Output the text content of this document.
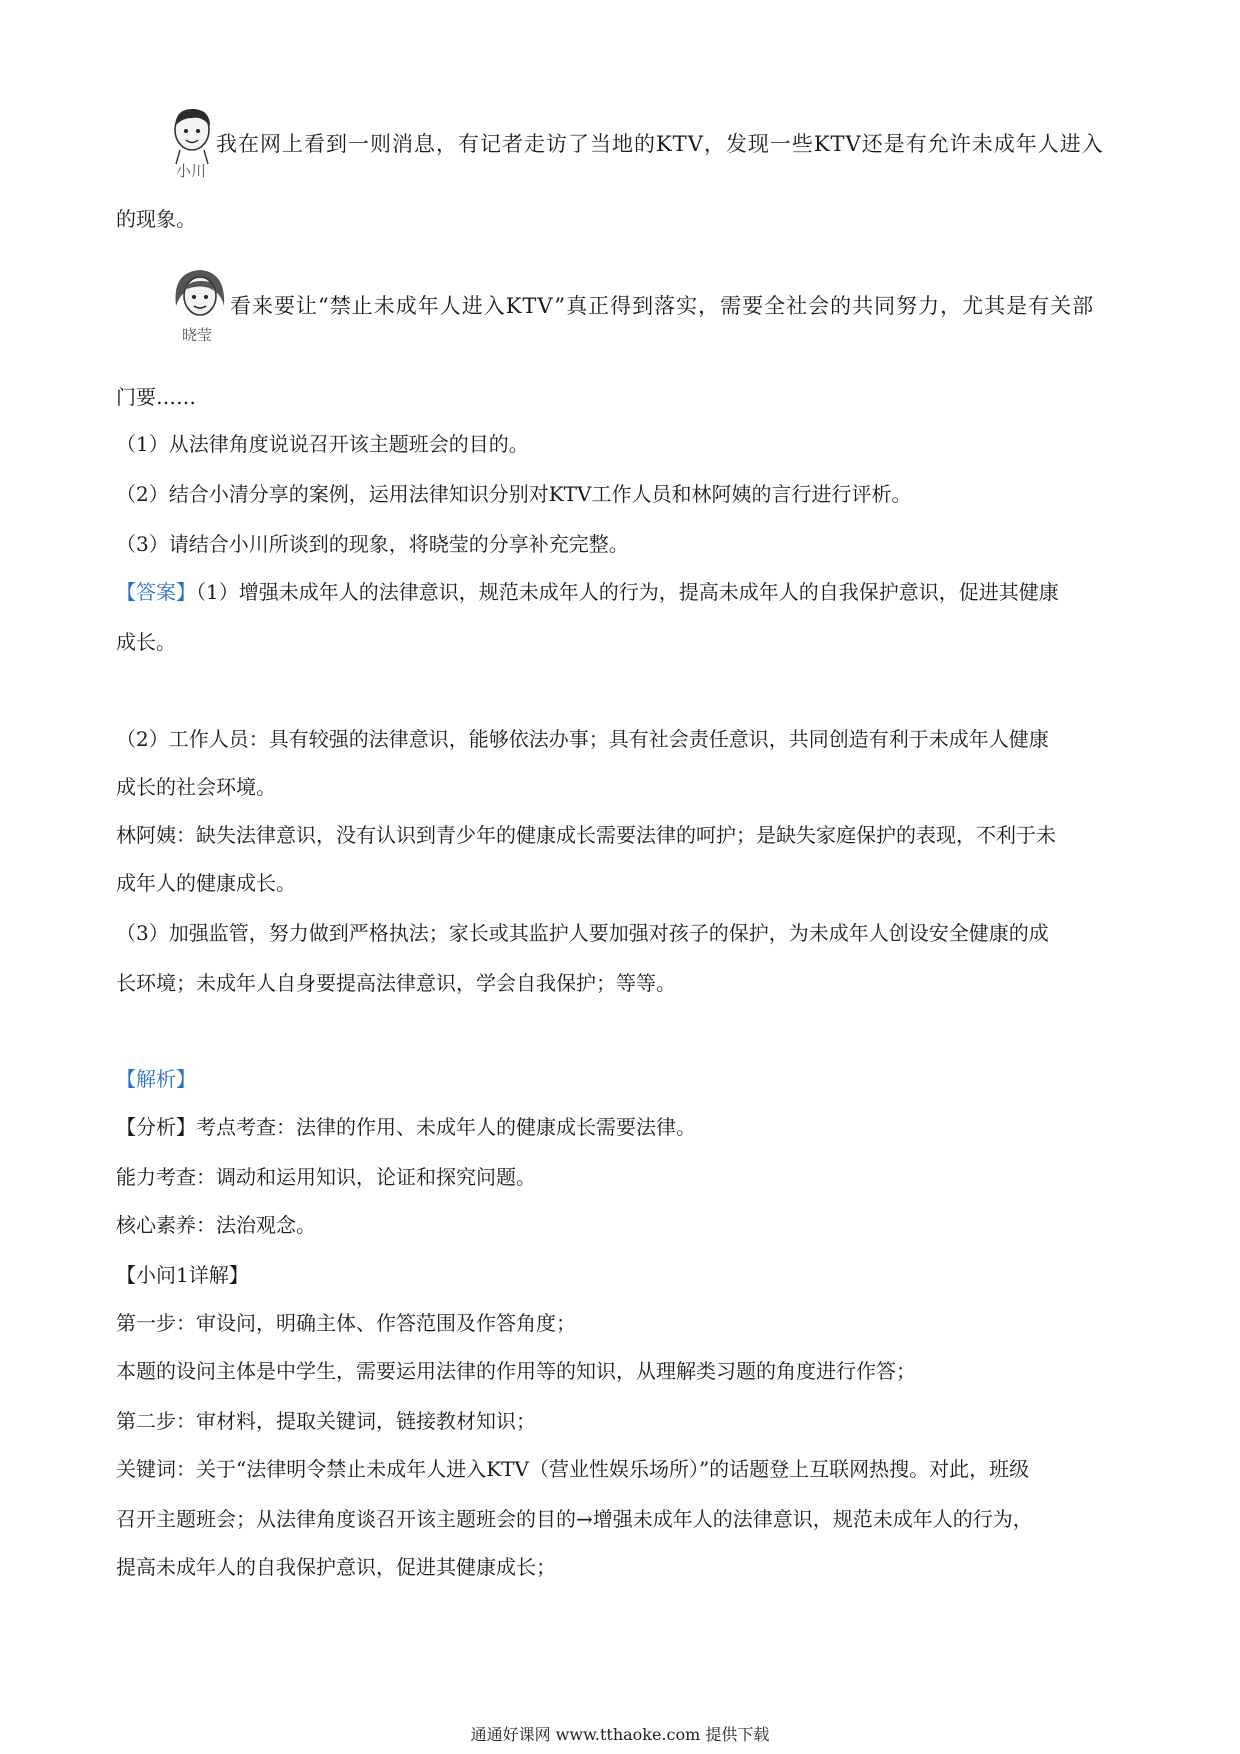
小川
我在网上看到一则消息，有记者走访了当地的KTV，发现一些KTV还是有允许未成年人进入
的现象。
晓莹
看来要让“禁止未成年人进入KTV”真正得到落实，需要全社会的共同努力，尤其是有关部
门要……
（1）从法律角度说说召开该主题班会的目的。
（2）结合小清分享的案例，运用法律知识分别对KTV工作人员和林阿姨的言行进行评析。
（3）请结合小川所谈到的现象，将晓莹的分享补充完整。
【答案】（1）增强未成年人的法律意识，规范未成年人的行为，提高未成年人的自我保护意识，促进其健康
成长。
（2）工作人员：具有较强的法律意识，能够依法办事；具有社会责任意识，共同创造有利于未成年人健康
成长的社会环境。
林阿姨：缺失法律意识，没有认识到青少年的健康成长需要法律的呵护；是缺失家庭保护的表现，不利于未
成年人的健康成长。
（3）加强监管，努力做到严格执法；家长或其监护人要加强对孩子的保护，为未成年人创设安全健康的成
长环境；未成年人自身要提高法律意识，学会自我保护；等等。
【解析】
【分析】考点考查：法律的作用、未成年人的健康成长需要法律。
能力考查：调动和运用知识，论证和探究问题。
核心素养：法治观念。
【小问1详解】
第一步：审设问，明确主体、作答范围及作答角度；
本题的设问主体是中学生，需要运用法律的作用等的知识，从理解类习题的角度进行作答；
第二步：审材料，提取关键词，链接教材知识；
关键词：关于“法律明令禁止未成年人进入KTV（营业性娱乐场所）”的话题登上互联网热搜。对此，班级
召开主题班会；从法律角度谈召开该主题班会的目的→增强未成年人的法律意识，规范未成年人的行为，
提高未成年人的自我保护意识，促进其健康成长；
通通好课网 www.tthaoke.com 提供下载
